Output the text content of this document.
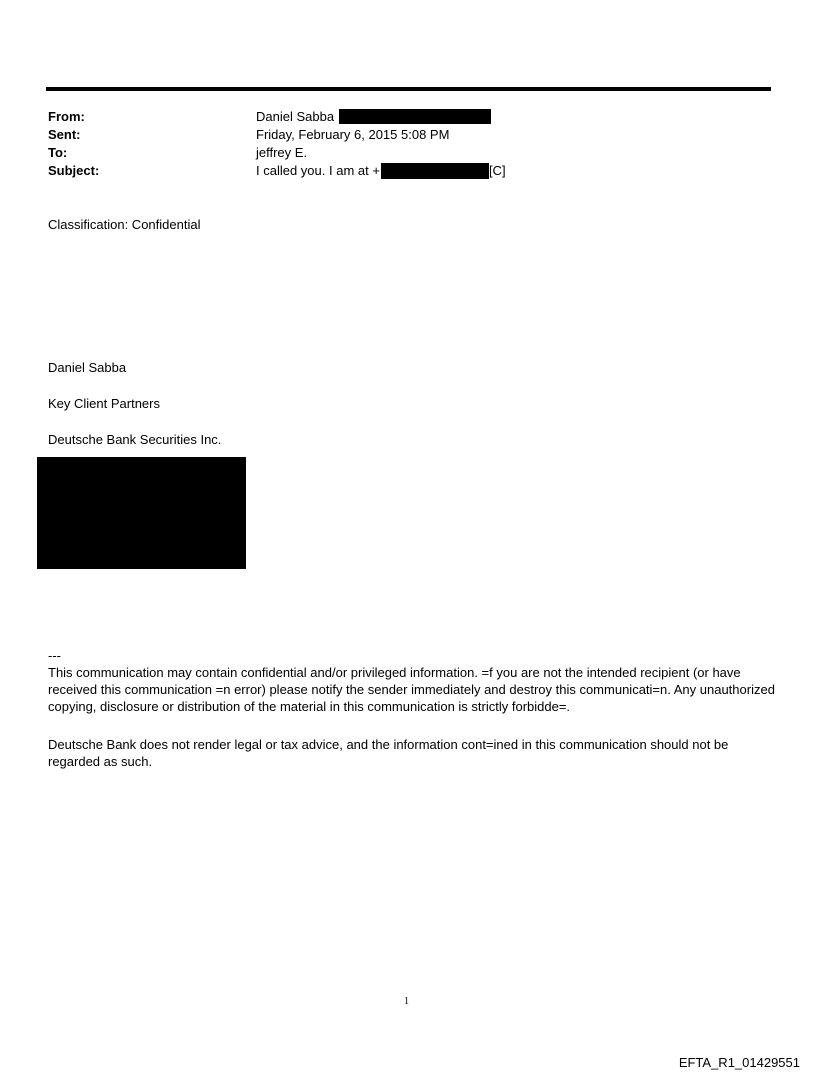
From:	Daniel Sabba
Sent:	Friday, February 6, 2015 5:08 PM
To:	jeffrey E.
Subject:	I called you. I am at +	[C]
Classification: Confidential
Daniel Sabba
Key Client Partners
Deutsche Bank Securities Inc.
---
This communication may contain confidential and/or privileged information. =f you are not the intended recipient (or have received this communication =n error) please notify the sender immediately and destroy this communicati=n. Any unauthorized copying, disclosure or distribution of the material in this communication is strictly forbidde=.
Deutsche Bank does not render legal or tax advice, and the information cont=ined in this communication should not be regarded as such.
1
EFTA_R1_01429551
